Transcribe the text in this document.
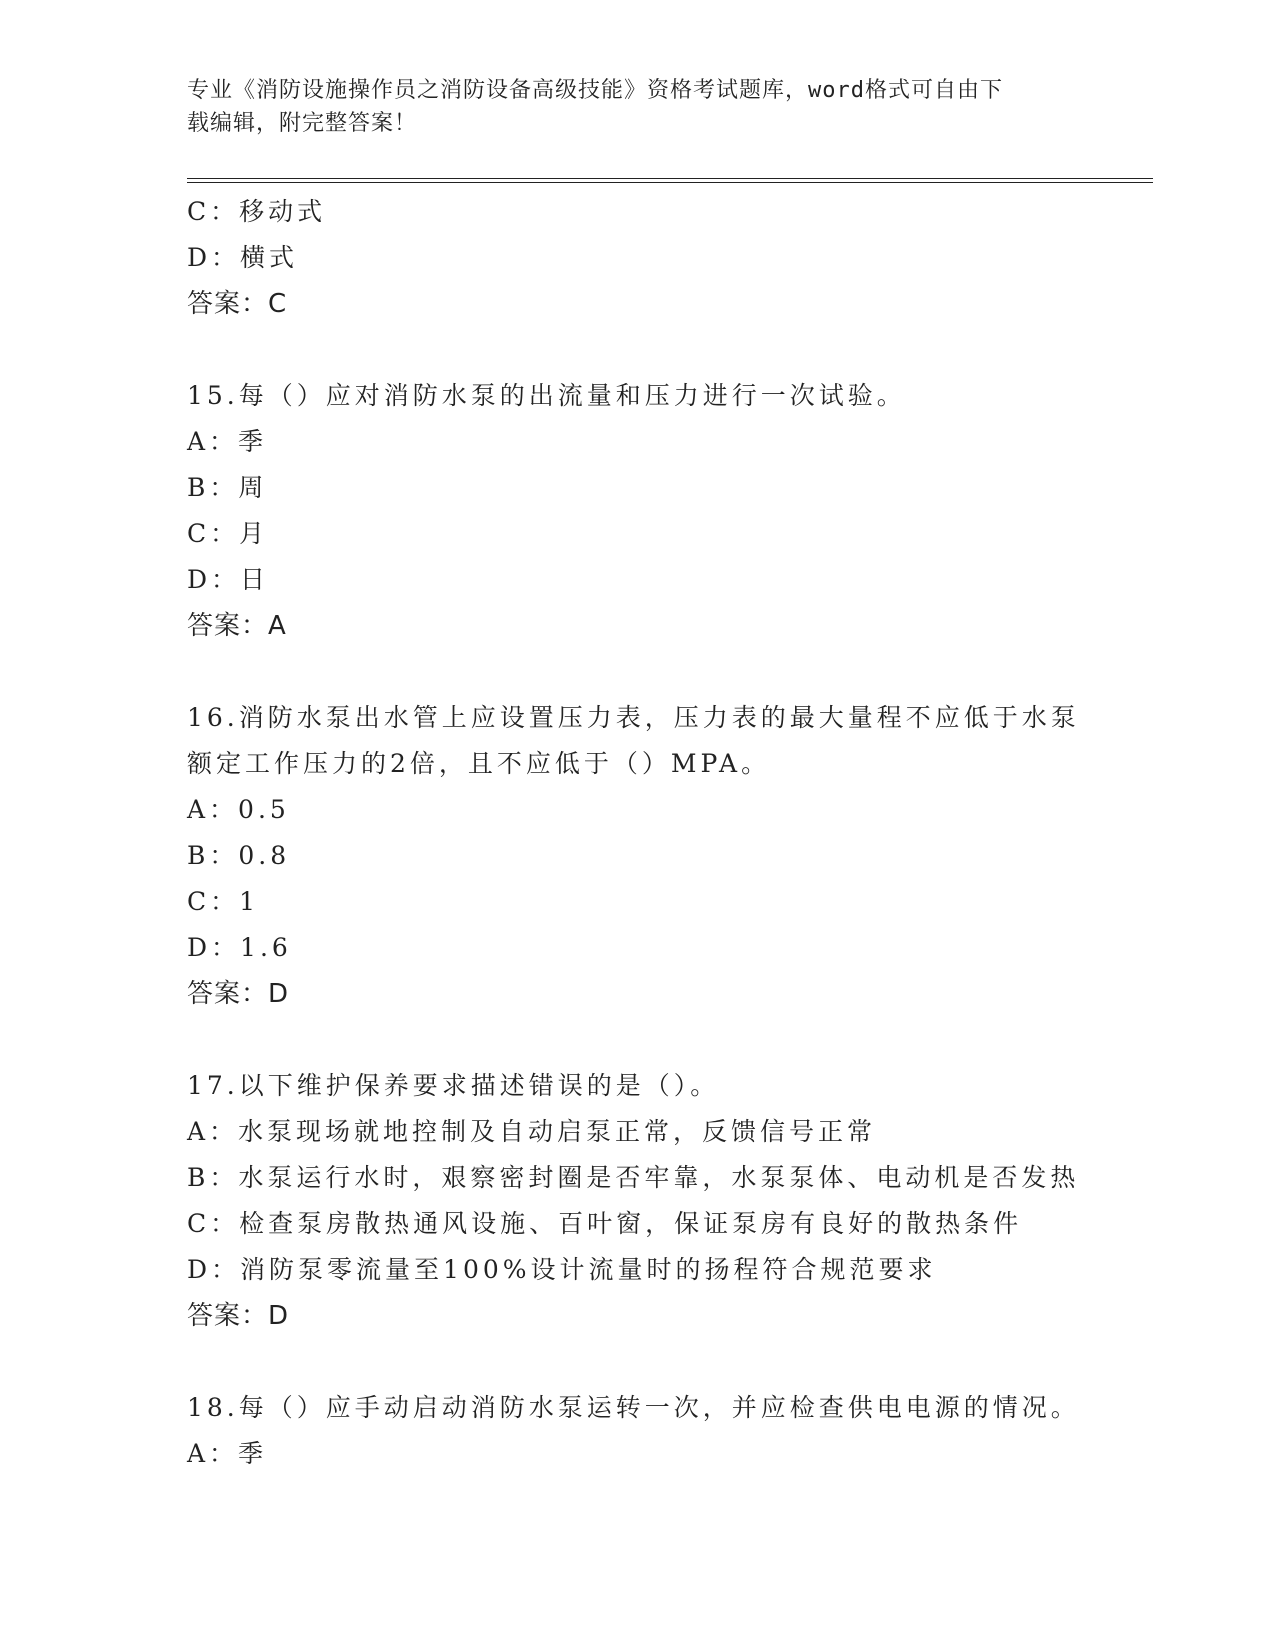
专业《消防设施操作员之消防设备高级技能》资格考试题库，word格式可自由下
载编辑，附完整答案！
C：移动式
D：横式
答案：C
15.每（）应对消防水泵的出流量和压力进行一次试验。
A：季
B：周
C：月
D：日
答案：A
16.消防水泵出水管上应设置压力表，压力表的最大量程不应低于水泵
额定工作压力的2倍，且不应低于（）MPA。
A：0.5
B：0.8
C：1
D：1.6
答案：D
17.以下维护保养要求描述错误的是（）。
A：水泵现场就地控制及自动启泵正常，反馈信号正常
B：水泵运行水时，艰察密封圈是否牢靠，水泵泵体、电动机是否发热
C：检查泵房散热通风设施、百叶窗，保证泵房有良好的散热条件
D：消防泵零流量至100%设计流量时的扬程符合规范要求
答案：D
18.每（）应手动启动消防水泵运转一次，并应检查供电电源的情况。
A：季
